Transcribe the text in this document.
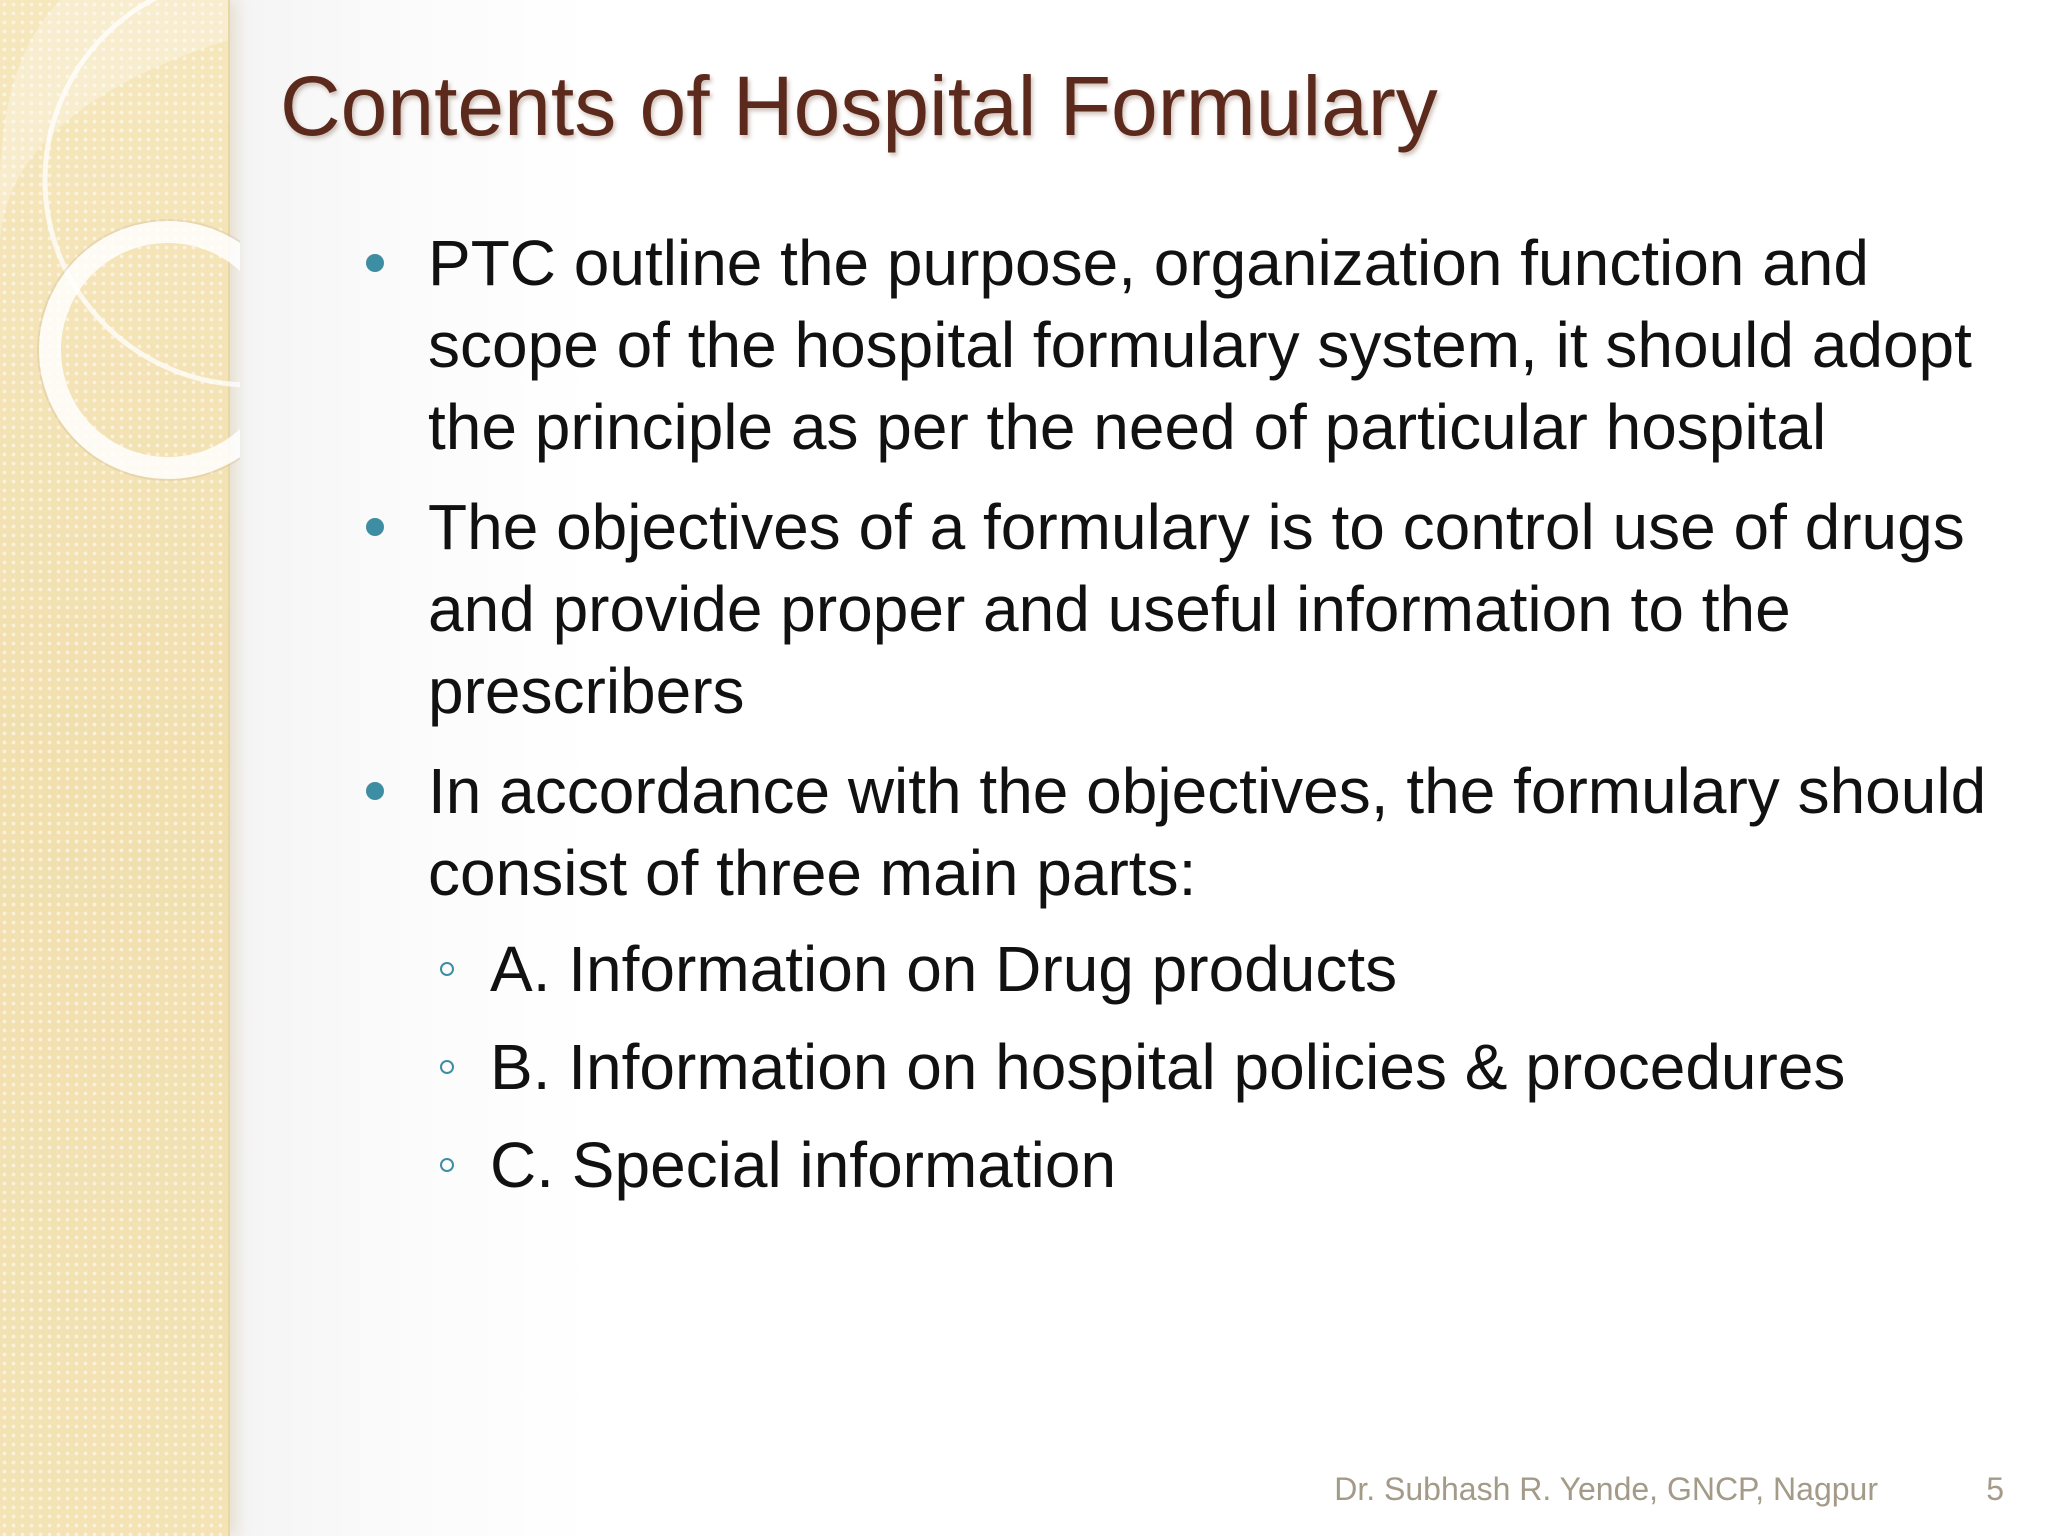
Contents of Hospital Formulary
PTC outline the purpose, organization function and scope of the hospital formulary system, it should adopt the principle as per the need of particular hospital
The objectives of a formulary is to control use of drugs and provide proper and useful information to the prescribers
In accordance with the objectives, the formulary should consist of three main parts:
A. Information on Drug products
B. Information on hospital policies & procedures
C. Special information
Dr. Subhash R. Yende, GNCP, Nagpur	5
